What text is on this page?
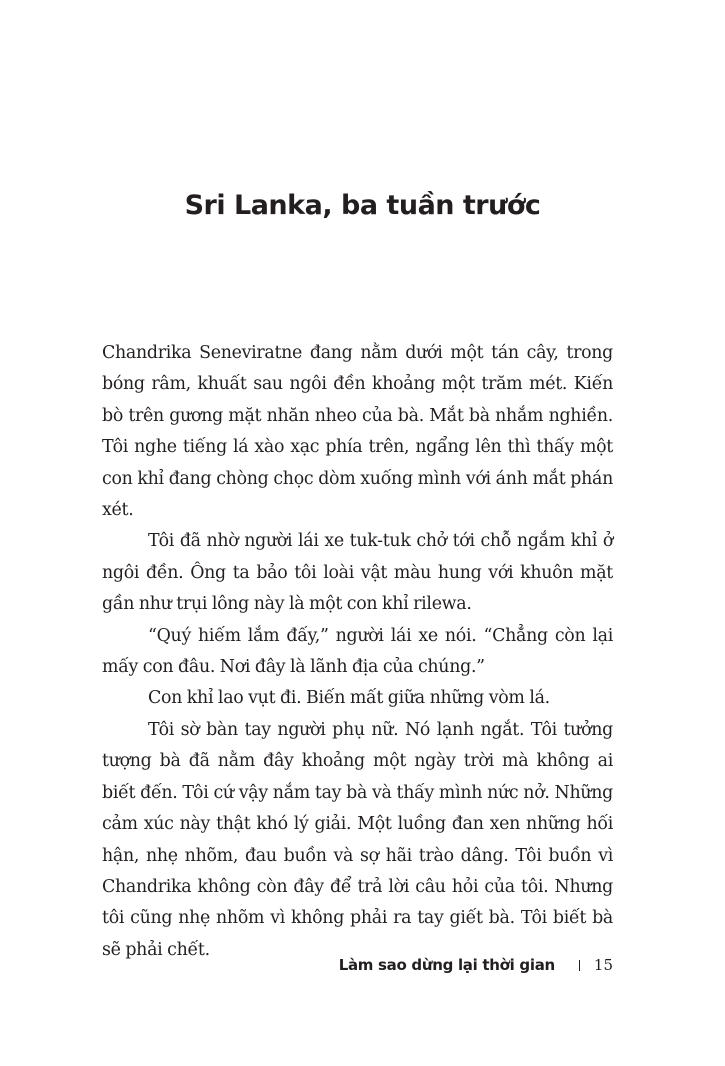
Sri Lanka, ba tuần trước

Chandrika Seneviratne đang nằm dưới một tán cây, trong bóng râm, khuất sau ngôi đền khoảng một trăm mét. Kiến bò trên gương mặt nhăn nheo của bà. Mắt bà nhắm nghiền. Tôi nghe tiếng lá xào xạc phía trên, ngẩng lên thì thấy một con khỉ đang chòng chọc dòm xuống mình với ánh mắt phán xét.

Tôi đã nhờ người lái xe tuk-tuk chở tới chỗ ngắm khỉ ở ngôi đền. Ông ta bảo tôi loài vật màu hung với khuôn mặt gần như trụi lông này là một con khỉ rilewa.

“Quý hiếm lắm đấy,” người lái xe nói. “Chẳng còn lại mấy con đâu. Nơi đây là lãnh địa của chúng.”

Con khỉ lao vụt đi. Biến mất giữa những vòm lá.

Tôi sờ bàn tay người phụ nữ. Nó lạnh ngắt. Tôi tưởng tượng bà đã nằm đây khoảng một ngày trời mà không ai biết đến. Tôi cứ vậy nắm tay bà và thấy mình nức nở. Những cảm xúc này thật khó lý giải. Một luồng đan xen những hối hận, nhẹ nhõm, đau buồn và sợ hãi trào dâng. Tôi buồn vì Chandrika không còn đây để trả lời câu hỏi của tôi. Nhưng tôi cũng nhẹ nhõm vì không phải ra tay giết bà. Tôi biết bà sẽ phải chết.

Làm sao dừng lại thời gian	15
